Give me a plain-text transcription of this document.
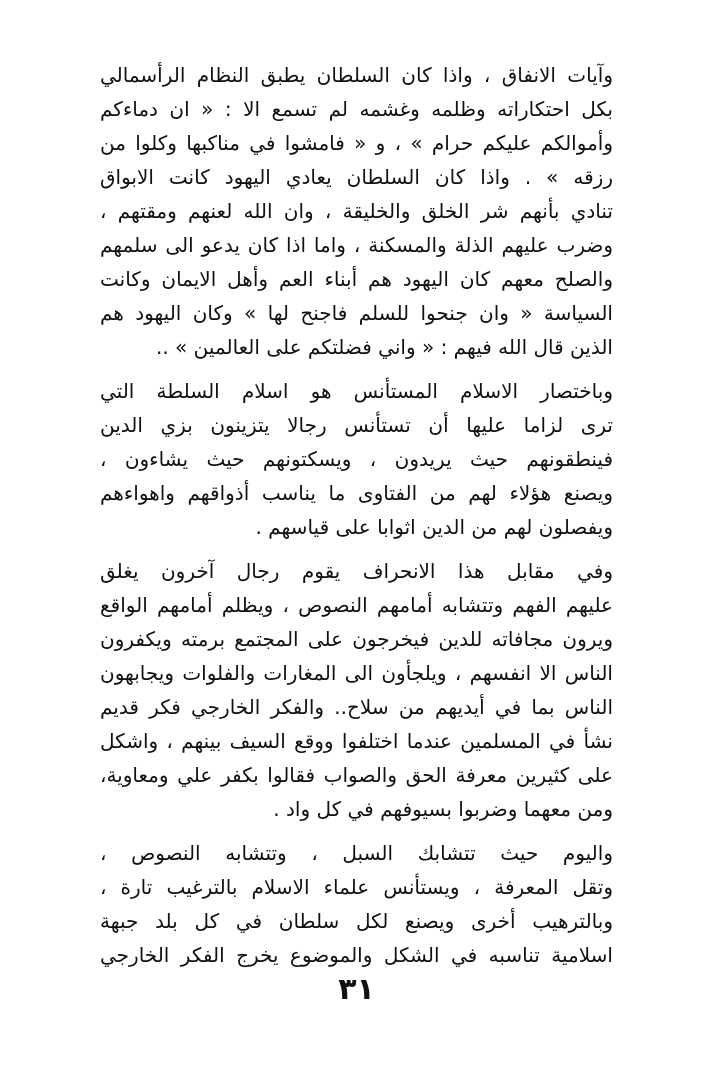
وآيات الانفاق ، واذا كان السلطان يطبق النظام الرأسمالي
بكل احتكاراته وظلمه وغشمه لم تسمع الا : « ان دماءكم
وأموالكم عليكم حرام » ، و « فامشوا في مناكبها وكلوا من
رزقه » . واذا كان السلطان يعادي اليهود كانت الابواق
تنادي بأنهم شر الخلق والخليقة ، وان الله لعنهم ومقتهم ،
وضرب عليهم الذلة والمسكنة ، واما اذا كان يدعو الى سلمهم
والصلح معهم كان اليهود هم أبناء العم وأهل الايمان وكانت
السياسة « وان جنحوا للسلم فاجنح لها » وكان اليهود هم
الذين قال الله فيهم : « واني فضلتكم على العالمين » ..
وباختصار الاسلام المستأنس هو اسلام السلطة التي
ترى لزاما عليها أن تستأنس رجالا يتزينون بزي الدين
فينطقونهم حيث يريدون ، ويسكتونهم حيث يشاءون ،
ويصنع هؤلاء لهم من الفتاوى ما يناسب أذواقهم واهواءهم
ويفصلون لهم من الدين اثوابا على قياسهم .
وفي مقابل هذا الانحراف يقوم رجال آخرون يغلق
عليهم الفهم وتتشابه أمامهم النصوص ، ويظلم أمامهم الواقع
ويرون مجافاته للدين فيخرجون على المجتمع برمته ويكفرون
الناس الا انفسهم ، ويلجأون الى المغارات والفلوات ويجابهون
الناس بما في أيديهم من سلاح.. والفكر الخارجي فكر قديم
نشأ في المسلمين عندما اختلفوا ووقع السيف بينهم ، واشكل
على كثيرين معرفة الحق والصواب فقالوا بكفر علي ومعاوية،
ومن معهما وضربوا بسيوفهم في كل واد .
واليوم حيث تتشابك السبل ، وتتشابه النصوص ،
وتقل المعرفة ، ويستأنس علماء الاسلام بالترغيب تارة ،
وبالترهيب أخرى ويصنع لكل سلطان في كل بلد جبهة
اسلامية تناسبه في الشكل والموضوع يخرج الفكر الخارجي
٣١
